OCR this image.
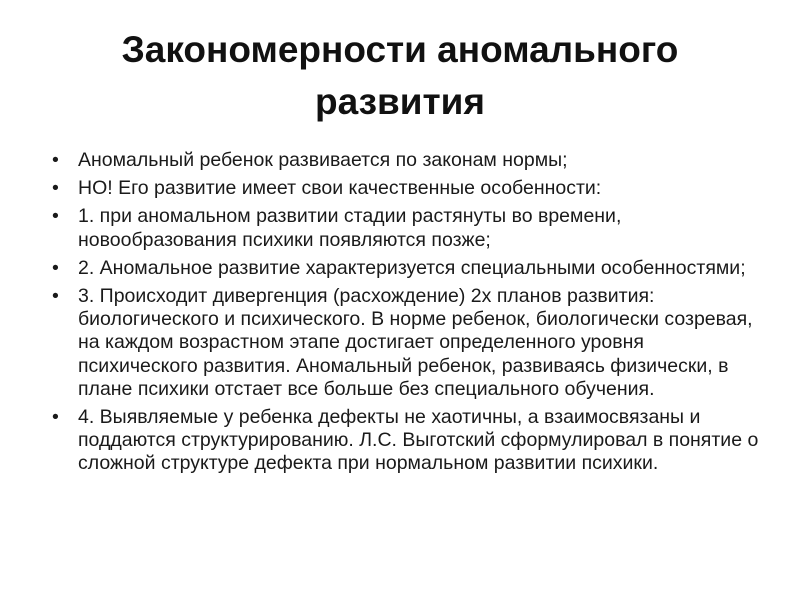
Закономерности аномального развития
• Аномальный ребенок развивается по законам нормы;
• НО! Его развитие имеет свои качественные особенности:
• 1. при аномальном развитии стадии растянуты во времени, новообразования психики появляются позже;
• 2. Аномальное развитие характеризуется специальными особенностями;
• 3. Происходит дивергенция (расхождение) 2х планов развития: биологического и психического. В норме ребенок, биологически созревая, на каждом возрастном этапе достигает определенного уровня психического развития. Аномальный ребенок, развиваясь физически, в плане психики отстает все больше без специального обучения.
• 4. Выявляемые у ребенка дефекты не хаотичны, а взаимосвязаны и поддаются структурированию. Л.С. Выготский сформулировал в понятие о сложной структуре дефекта при нормальном развитии психики.
